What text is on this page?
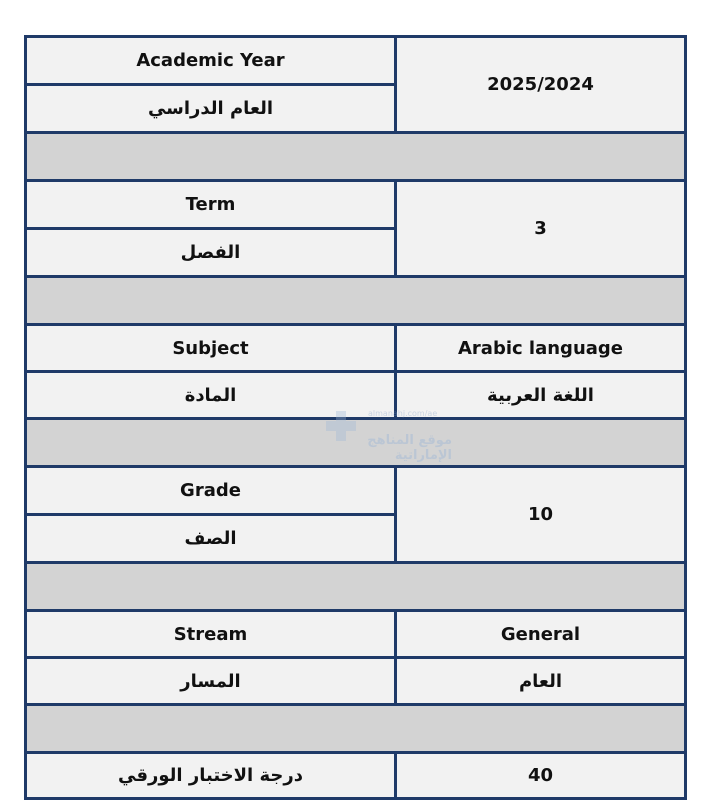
Academic Year	2025/2024
العام الدراسي	

Term	3
الفصل	

Subject	Arabic language
المادة	اللغة العربية

Grade	10
الصف	

Stream	General
المسار	العام

درجة الاختبار الورقي	40
almanahj.com/ae
موقع المناهج الإماراتية
